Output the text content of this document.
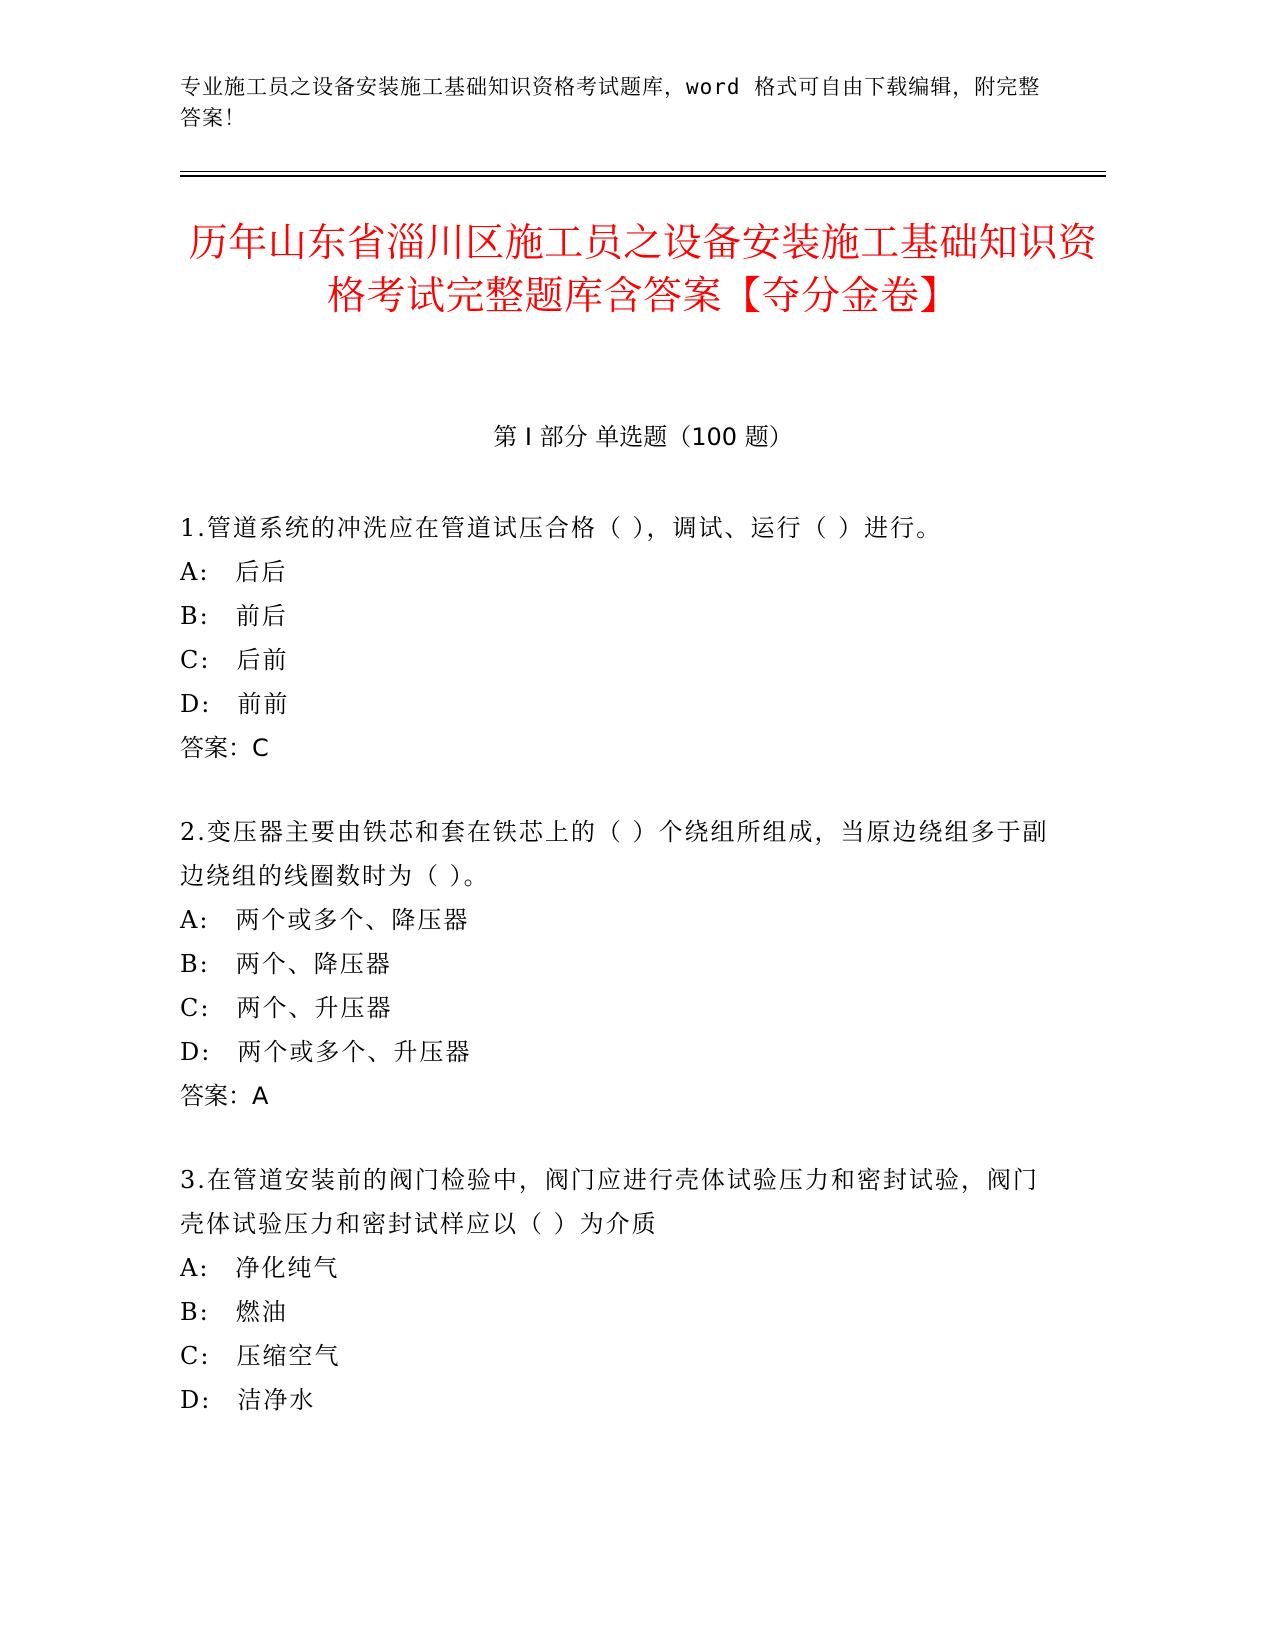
专业施工员之设备安装施工基础知识资格考试题库，word 格式可自由下载编辑，附完整答案！
历年山东省淄川区施工员之设备安装施工基础知识资格考试完整题库含答案【夺分金卷】
第 I 部分 单选题（100 题）
1.管道系统的冲洗应在管道试压合格（ ），调试、运行（ ）进行。
A:　后后
B:　前后
C:　后前
D:　前前
答案：C
2.变压器主要由铁芯和套在铁芯上的（ ）个绕组所组成，当原边绕组多于副边绕组的线圈数时为（ ）。
A:　两个或多个、降压器
B:　两个、降压器
C:　两个、升压器
D:　两个或多个、升压器
答案：A
3.在管道安装前的阀门检验中，阀门应进行壳体试验压力和密封试验，阀门壳体试验压力和密封试样应以（ ）为介质
A:　净化纯气
B:　燃油
C:　压缩空气
D:　洁净水
